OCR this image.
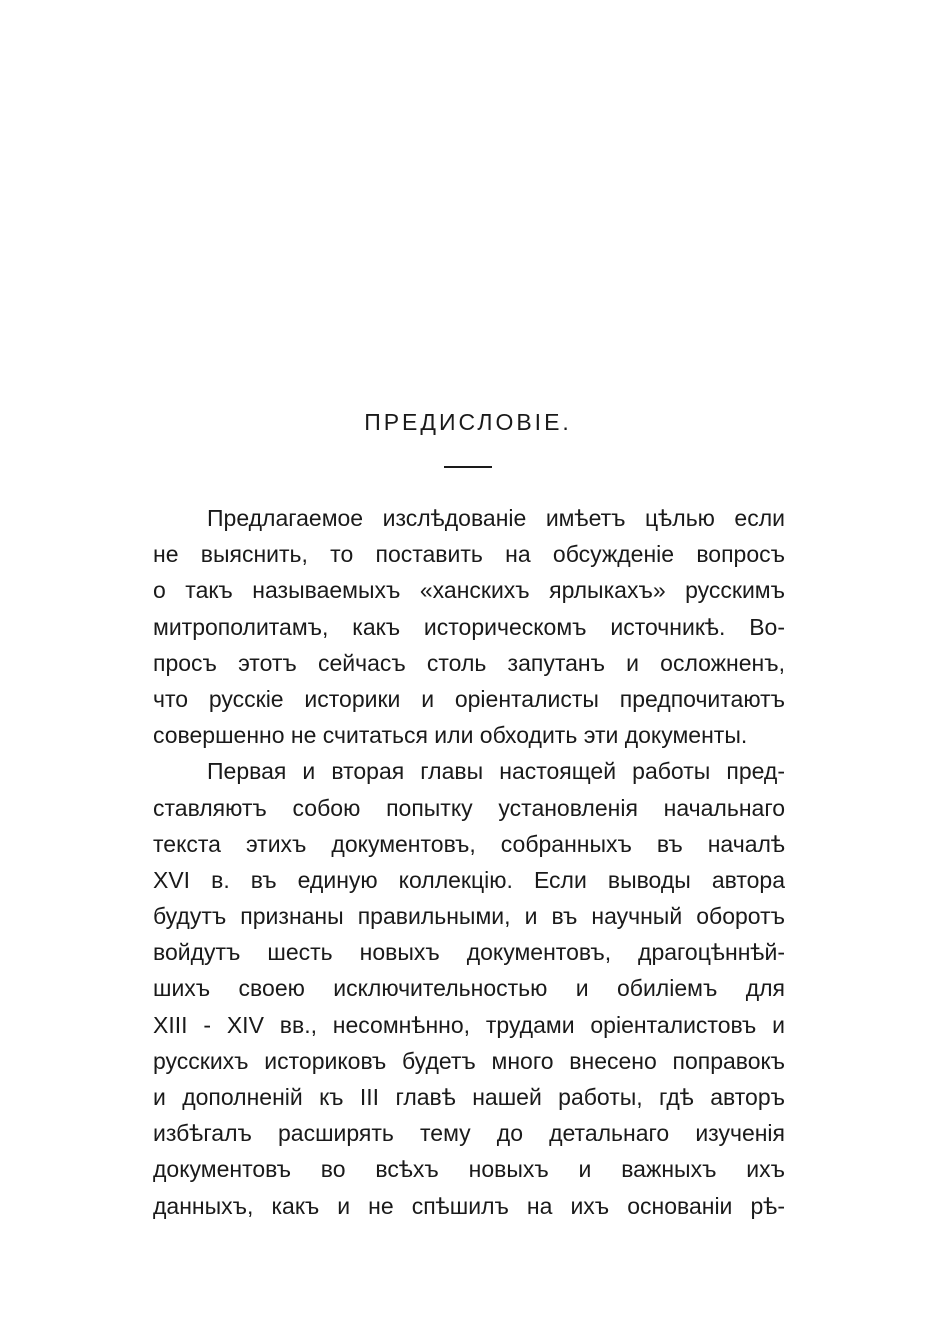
ПРЕДИСЛОВІЕ.
Предлагаемое изслѣдованіе имѣетъ цѣлью если
не выяснить, то поставить на обсужденіе вопросъ
о такъ называемыхъ «ханскихъ ярлыкахъ» русскимъ
митрополитамъ, какъ историческомъ источникѣ. Во-
просъ этотъ сейчасъ столь запутанъ и осложненъ,
что русскіе историки и оріенталисты предпочитаютъ
совершенно не считаться или обходить эти документы.
Первая и вторая главы настоящей работы пред-
ставляютъ собою попытку установленія начальнаго
текста этихъ документовъ, собранныхъ въ началѣ
XVI в. въ единую коллекцію. Если выводы автора
будутъ признаны правильными, и въ научный оборотъ
войдутъ шесть новыхъ документовъ, драгоцѣннѣй-
шихъ своею исключительностью и обиліемъ для
XIII - XIV вв., несомнѣнно, трудами оріенталистовъ и
русскихъ историковъ будетъ много внесено поправокъ
и дополненій къ III главѣ нашей работы, гдѣ авторъ
избѣгалъ расширять тему до детальнаго изученія
документовъ во всѣхъ новыхъ и важныхъ ихъ
данныхъ, какъ и не спѣшилъ на ихъ основаніи рѣ-
